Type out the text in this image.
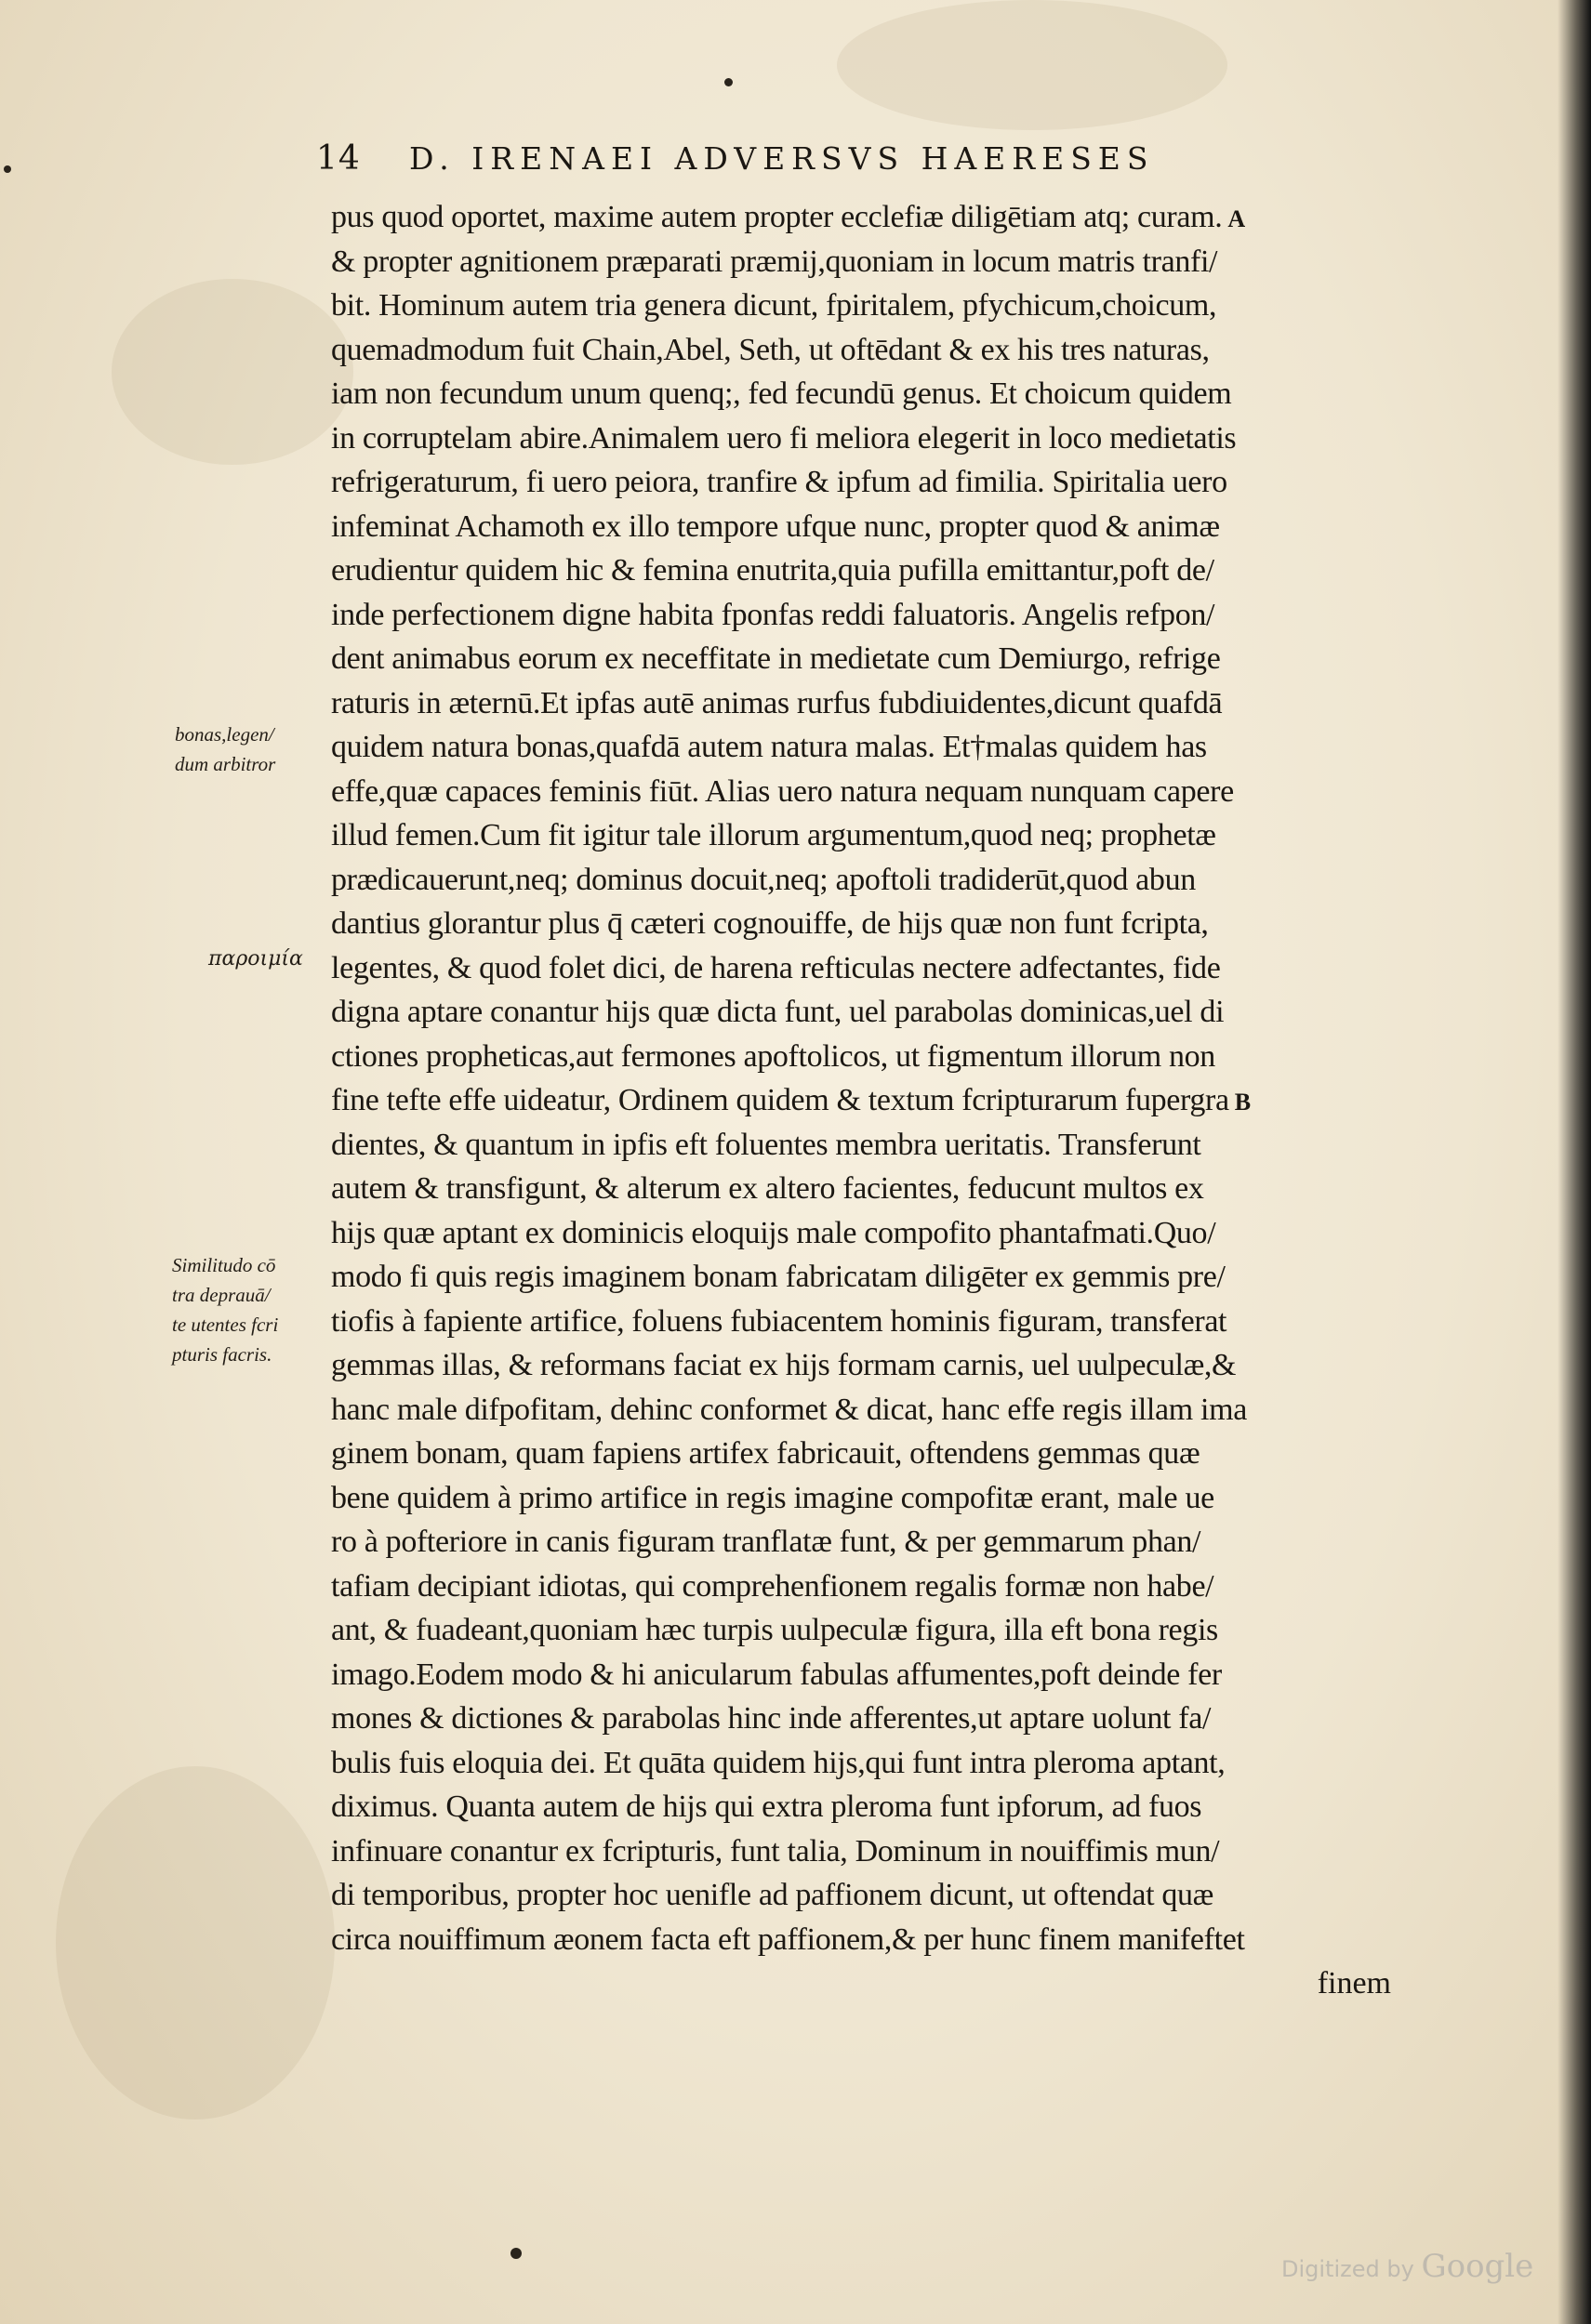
14	D. IRENAEI ADVERSVS HAERESES
pus quod oportet, maxime autem propter ecclefiæ diligētiam atq; curam. A
& propter agnitionem præparati præmij,quoniam in locum matris tranfi/
bit. Hominum autem tria genera dicunt, fpiritalem, pfychicum,choicum,
quemadmodum fuit Chain,Abel, Seth, ut oftēdant & ex his tres naturas,
iam non fecundum unum quenq;, fed fecundū genus. Et choicum quidem
in corruptelam abire.Animalem uero fi meliora elegerit in loco medietatis
refrigeraturum, fi uero peiora, tranfire & ipfum ad fimilia. Spiritalia uero
infeminat Achamoth ex illo tempore ufque nunc, propter quod & animæ
erudientur quidem hic & femina enutrita,quia pufilla emittantur,poft de/
inde perfectionem digne habita fponfas reddi faluatoris. Angelis refpon/
dent animabus eorum ex neceffitate in medietate cum Demiurgo, refrige
raturis in æternū.Et ipfas autē animas rurfus fubdiuidentes,dicunt quafdā
quidem natura bonas,quafdā autem natura malas. Et†malas quidem has
effe,quæ capaces feminis fiūt. Alias uero natura nequam nunquam capere
illud femen.Cum fit igitur tale illorum argumentum,quod neq; prophetæ
prædicauerunt,neq; dominus docuit,neq; apoftoli tradiderūt,quod abun
dantius glorantur plus q̄ cæteri cognouiffe, de hijs quæ non funt fcripta,
legentes, & quod folet dici, de harena refticulas nectere adfectantes, fide
digna aptare conantur hijs quæ dicta funt, uel parabolas dominicas,uel di
ctiones propheticas,aut fermones apoftolicos, ut figmentum illorum non
fine tefte effe uideatur, Ordinem quidem & textum fcripturarum fupergra B
dientes, & quantum in ipfis eft foluentes membra ueritatis. Transferunt
autem & transfigunt, & alterum ex altero facientes, feducunt multos ex
hijs quæ aptant ex dominicis eloquijs male compofito phantafmati.Quo/
modo fi quis regis imaginem bonam fabricatam diligēter ex gemmis pre/
tiofis à fapiente artifice, foluens fubiacentem hominis figuram, transferat
gemmas illas, & reformans faciat ex hijs formam carnis, uel uulpeculæ,&
hanc male difpofitam, dehinc conformet & dicat, hanc effe regis illam ima
ginem bonam, quam fapiens artifex fabricauit, oftendens gemmas quæ
bene quidem à primo artifice in regis imagine compofitæ erant, male ue
ro à pofteriore in canis figuram tranflatæ funt, & per gemmarum phan/
tafiam decipiant idiotas, qui comprehenfionem regalis formæ non habe/
ant, & fuadeant,quoniam hæc turpis uulpeculæ figura, illa eft bona regis
imago.Eodem modo & hi anicularum fabulas affumentes,poft deinde fer
mones & dictiones & parabolas hinc inde afferentes,ut aptare uolunt fa/
bulis fuis eloquia dei. Et quāta quidem hijs,qui funt intra pleroma aptant,
diximus. Quanta autem de hijs qui extra pleroma funt ipforum, ad fuos
infinuare conantur ex fcripturis, funt talia, Dominum in nouiffimis mun/
di temporibus, propter hoc uenifle ad paffionem dicunt, ut oftendat quæ
circa nouiffimum æonem facta eft paffionem,& per hunc finem manifeftet
finem
bonas,legen/
dum arbitror
παροιμία
Similitudo cō
tra deprauā/
te utentes fcri
pturis facris.
Digitized by Google
